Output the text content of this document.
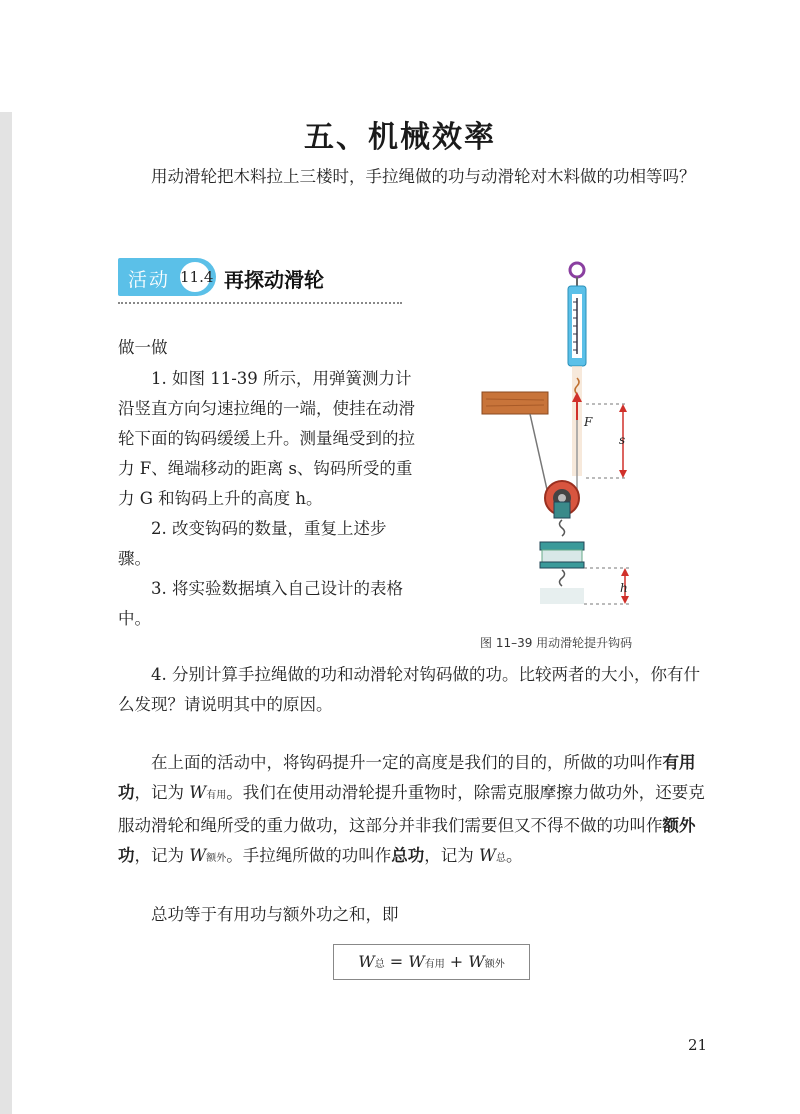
五、机械效率
用动滑轮把木料拉上三楼时，手拉绳做的功与动滑轮对木料做的功相等吗？
活动 11.4 再探动滑轮
做一做

1. 如图 11-39 所示，用弹簧测力计沿竖直方向匀速拉绳的一端，使挂在动滑轮下面的钩码缓缓上升。测量绳受到的拉力 F、绳端移动的距离 s、钩码所受的重力 G 和钩码上升的高度 h。

2. 改变钩码的数量，重复上述步骤。

3. 将实验数据填入自己设计的表格中。

F
s
h
图 11–39 用动滑轮提升钩码
4. 分别计算手拉绳做的功和动滑轮对钩码做的功。比较两者的大小，你有什么发现？请说明其中的原因。
在上面的活动中，将钩码提升一定的高度是我们的目的，所做的功叫作有用功，记为 W有用。我们在使用动滑轮提升重物时，除需克服摩擦力做功外，还要克服动滑轮和绳所受的重力做功，这部分并非我们需要但又不得不做的功叫作额外功，记为 W额外。手拉绳所做的功叫作总功，记为 W总。
总功等于有用功与额外功之和，即
W总 = W有用 + W额外
21
